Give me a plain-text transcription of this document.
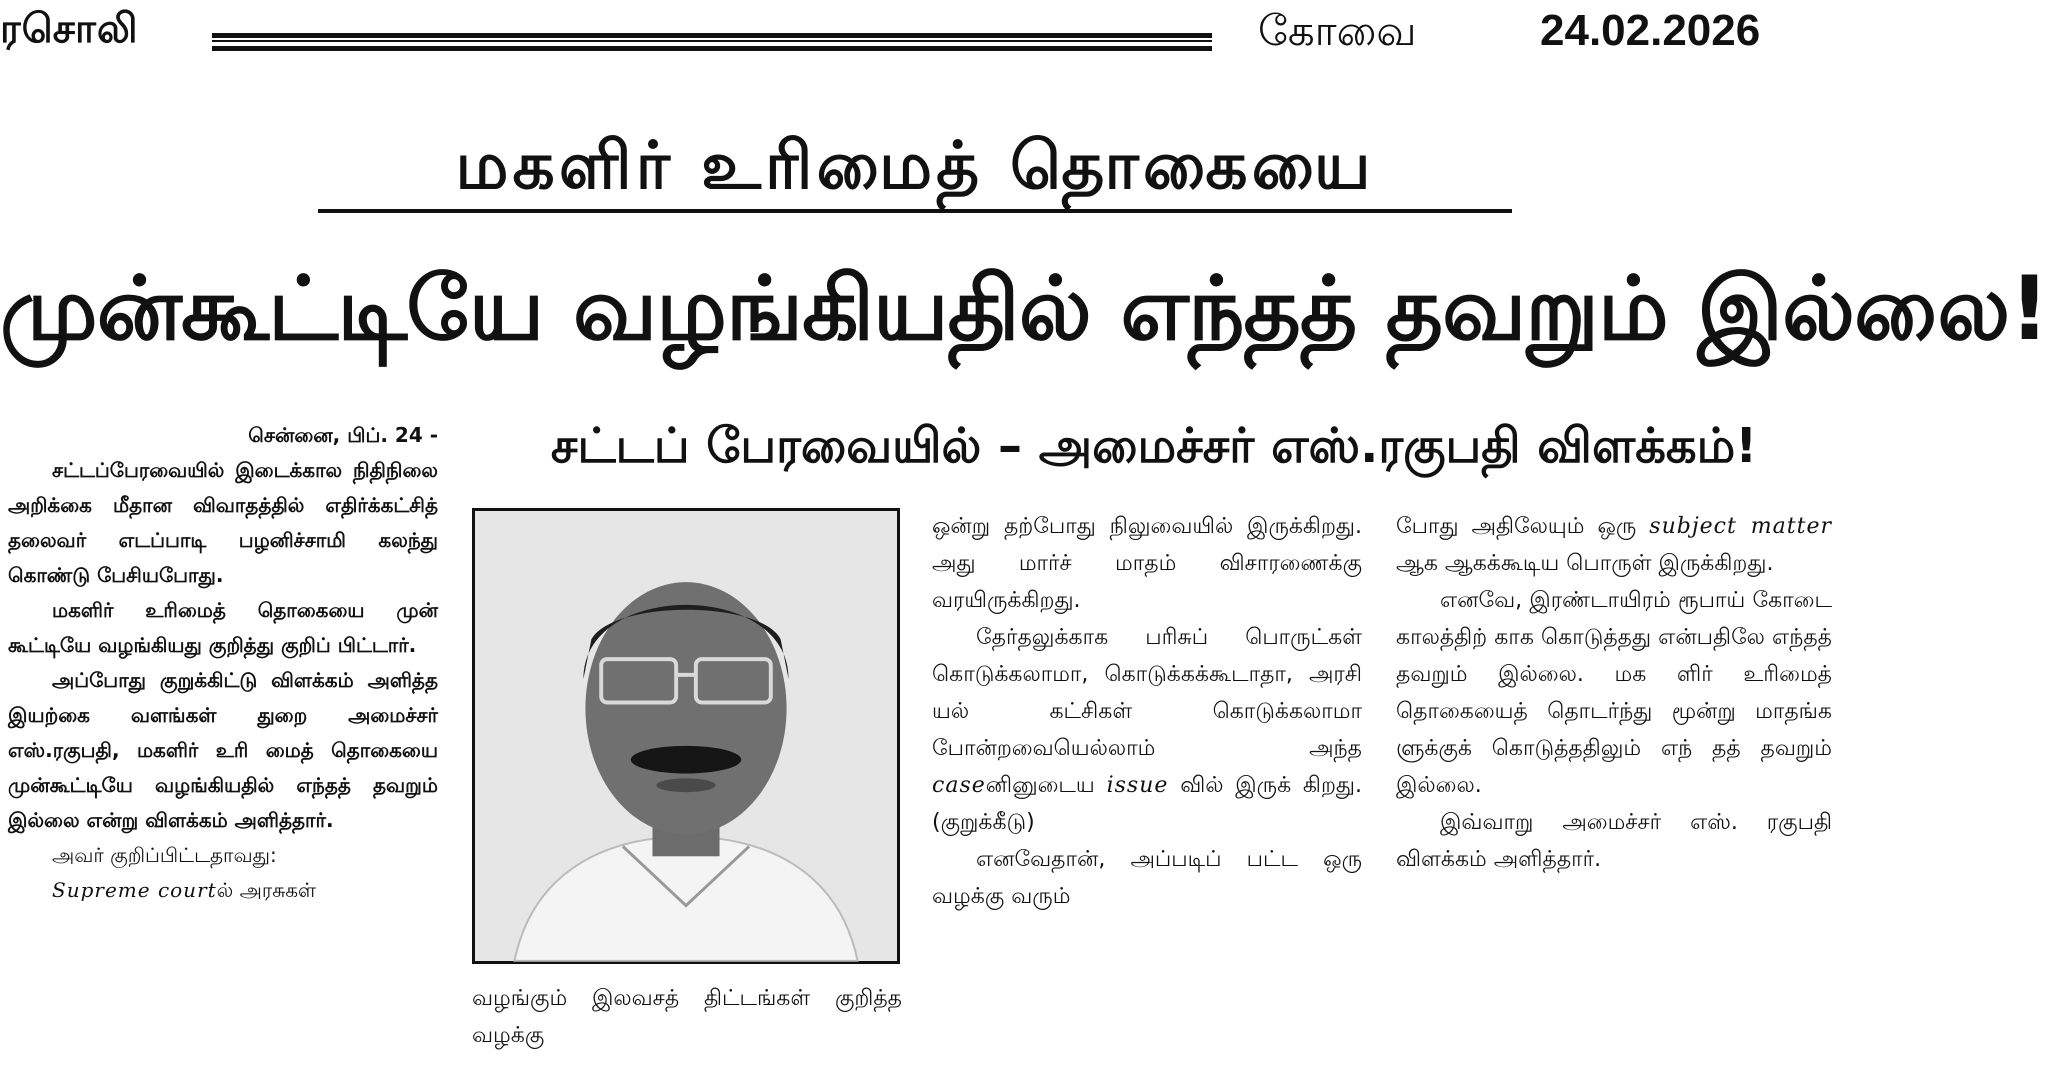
ரசொலி	கோவை	24.02.2026
மகளிர் உரிமைத் தொகையை
முன்கூட்டியே வழங்கியதில் எந்தத் தவறும் இல்லை!
சட்டப் பேரவையில் – அமைச்சர் எஸ்.ரகுபதி விளக்கம்!

சென்னை, பிப். 24 -

சட்டப்பேரவையில் இடைக்கால நிதிநிலை அறிக்கை மீதான விவாதத்தில் எதிர்க்கட்சித் தலைவர் எடப்பாடி பழனிச்சாமி கலந்து கொண்டு பேசியபோது.

மகளிர் உரிமைத் தொகையை முன் கூட்டியே வழங்கியது குறித்து குறிப் பிட்டார்.

அப்போது குறுக்கிட்டு விளக்கம் அளித்த இயற்கை வளங்கள் துறை அமைச்சர் எஸ்.ரகுபதி, மகளிர் உரி மைத் தொகையை முன்கூட்டியே வழங்கியதில் எந்தத் தவறும் இல்லை என்று விளக்கம் அளித்தார்.

அவர் குறிப்பிட்டதாவது:

Supreme courtல் அரசுகள்

வழங்கும் இலவசத் திட்டங்கள் குறித்த வழக்கு

ஒன்று தற்போது நிலுவையில் இருக்கிறது. அது மார்ச் மாதம் விசாரணைக்கு வரயிருக்கிறது.

தேர்தலுக்காக பரிசுப் பொருட்கள் கொடுக்கலாமா, கொடுக்கக்கூடாதா, அரசி யல் கட்சிகள் கொடுக்கலாமா போன்றவையெல்லாம் அந்த caseனினுடைய issue வில் இருக் கிறது. (குறுக்கீடு)

எனவேதான், அப்படிப் பட்ட ஒரு வழக்கு வரும்

போது அதிலேயும் ஒரு subject matter ஆக ஆகக்கூடிய பொருள் இருக்கிறது.

எனவே, இரண்டாயிரம் ரூபாய் கோடை காலத்திற் காக கொடுத்தது என்பதிலே எந்தத் தவறும் இல்லை. மக ளிர் உரிமைத் தொகையைத் தொடர்ந்து மூன்று மாதங்க ளுக்குக் கொடுத்ததிலும் எந் தத் தவறும் இல்லை.

இவ்வாறு அமைச்சர் எஸ். ரகுபதி விளக்கம் அளித்தார்.
